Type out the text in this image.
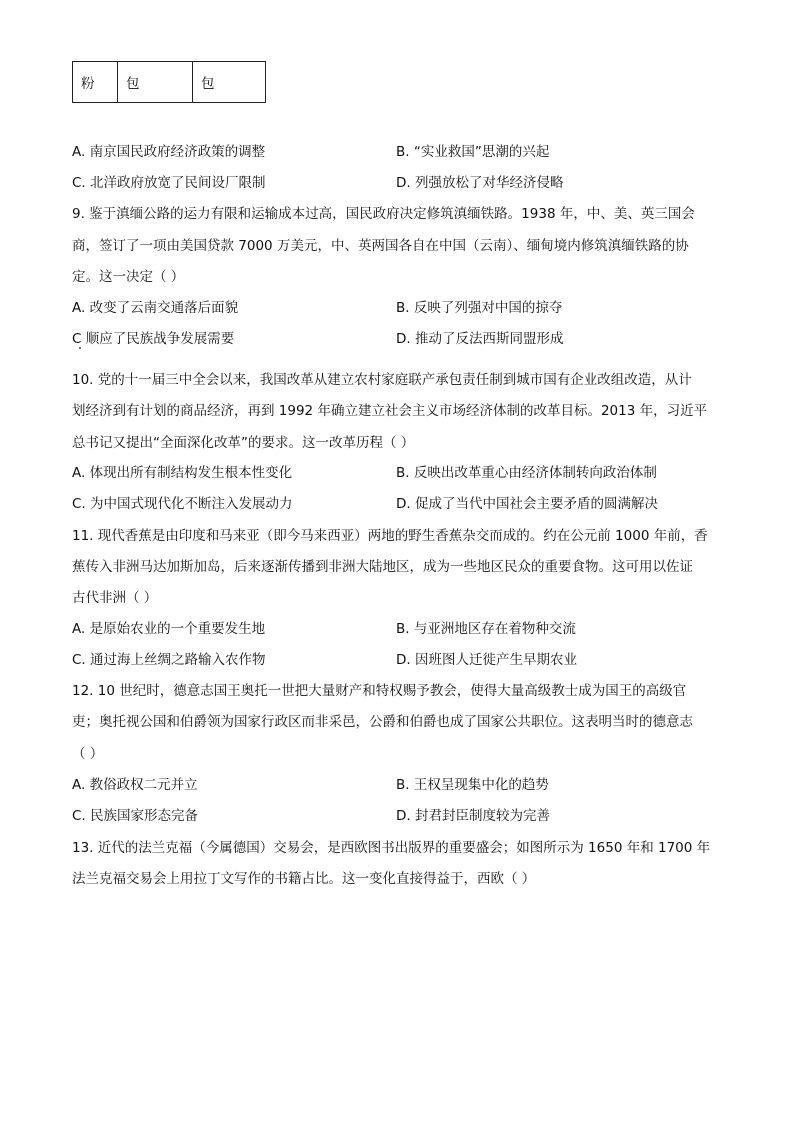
粉	包	包
A. 南京国民政府经济政策的调整	B. “实业救国”思潮的兴起
C. 北洋政府放宽了民间设厂限制	D. 列强放松了对华经济侵略
9. 鉴于滇缅公路的运力有限和运输成本过高，国民政府决定修筑滇缅铁路。1938 年，中、美、英三国会
商，签订了一项由美国贷款 7000 万美元，中、英两国各自在中国（云南）、缅甸境内修筑滇缅铁路的协
定。这一决定（ ）
A. 改变了云南交通落后面貌	B. 反映了列强对中国的掠夺
C 顺应了民族战争发展需要	D. 推动了反法西斯同盟形成
10. 党的十一届三中全会以来，我国改革从建立农村家庭联产承包责任制到城市国有企业改组改造，从计
划经济到有计划的商品经济，再到 1992 年确立建立社会主义市场经济体制的改革目标。2013 年，习近平
总书记又提出“全面深化改革”的要求。这一改革历程（ ）
A. 体现出所有制结构发生根本性变化	B. 反映出改革重心由经济体制转向政治体制
C. 为中国式现代化不断注入发展动力	D. 促成了当代中国社会主要矛盾的圆满解决
11. 现代香蕉是由印度和马来亚（即今马来西亚）两地的野生香蕉杂交而成的。约在公元前 1000 年前，香
蕉传入非洲马达加斯加岛，后来逐渐传播到非洲大陆地区，成为一些地区民众的重要食物。这可用以佐证
古代非洲（ ）
A. 是原始农业的一个重要发生地	B. 与亚洲地区存在着物种交流
C. 通过海上丝绸之路输入农作物	D. 因班图人迁徙产生早期农业
12. 10 世纪时，德意志国王奥托一世把大量财产和特权赐予教会，使得大量高级教士成为国王的高级官
吏；奥托视公国和伯爵领为国家行政区而非采邑，公爵和伯爵也成了国家公共职位。这表明当时的德意志
（ ）
A. 教俗政权二元并立	B. 王权呈现集中化的趋势
C. 民族国家形态完备	D. 封君封臣制度较为完善
13. 近代的法兰克福（今属德国）交易会，是西欧图书出版界的重要盛会；如图所示为 1650 年和 1700 年
法兰克福交易会上用拉丁文写作的书籍占比。这一变化直接得益于，西欧（ ）
